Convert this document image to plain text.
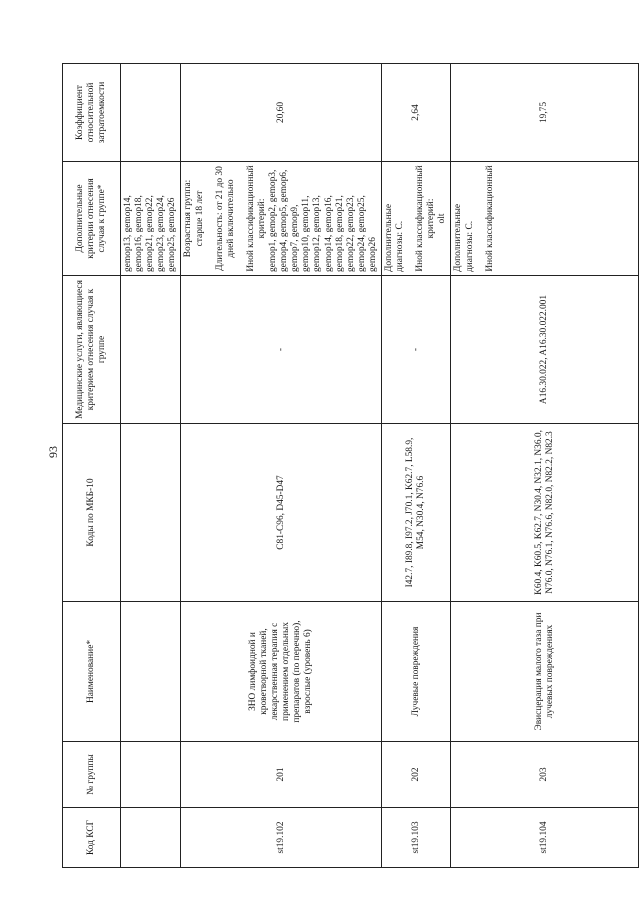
93
Код КСГ	№ группы	Наименование*	Коды по МКБ-10	Медицинские услуги, являющиеся критерием отнесения случая к группе	Дополнительные критерии отнесения случая к группе*	Коэффициент относительной затратоемкости
					gemop13, gemop14, gemop16, gemop18, gemop21, gemop22, gemop23, gemop24, gemop25, gemop26	
st19.102	201	ЗНО лимфоидной и кроветворной тканей, лекарственная терапия с применением отдельных препаратов (по перечню), взрослые (уровень 6)	C81-C96, D45-D47	-	Возрастная группа: старше 18 лет Длительность: от 21 до 30 дней включительно Иной классификационный критерий: gemop1, gemop2, gemop3, gemop4, gemop5, gemop6, gemop7, gemop9, gemop10, gemop11, gemop12, gemop13, gemop14, gemop16, gemop18, gemop21, gemop22, gemop23, gemop24, gemop25, gemop26	20,60
st19.103	202	Лучевые повреждения	I42.7, I89.8, I97.2, J70.1, K62.7, L58.9, M54, N30.4, N76.6	-	Дополнительные диагнозы: C. Иной классификационный критерий: olt	2,64
st19.104	203	Эвисцерация малого таза при лучевых повреждениях	K60.4, K60.5, K62.7, N30.4, N32.1, N36.0, N76.0, N76.1, N76.6, N82.0, N82.2, N82.3	A16.30.022, A16.30.022.001	Дополнительные диагнозы: C. Иной классификационный	19,75
